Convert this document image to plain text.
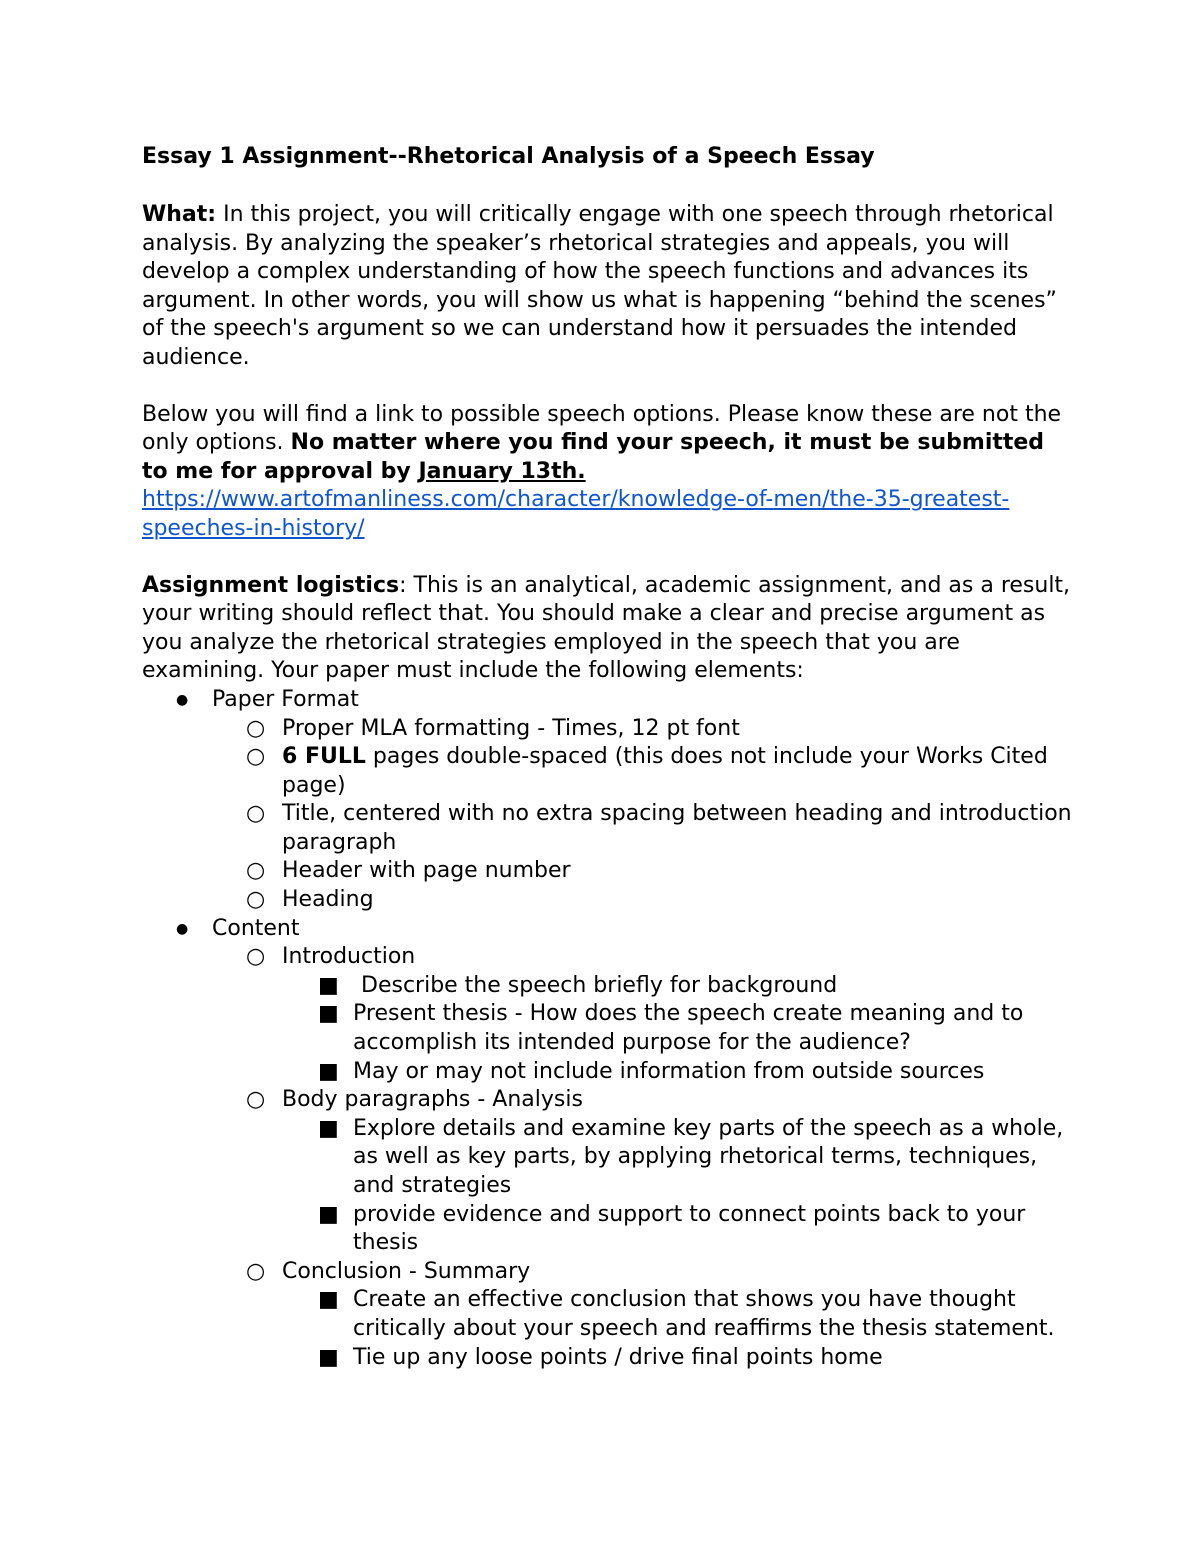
Essay 1 Assignment--Rhetorical Analysis of a Speech Essay

What: In this project, you will critically engage with one speech through rhetorical analysis. By analyzing the speaker’s rhetorical strategies and appeals, you will develop a complex understanding of how the speech functions and advances its argument. In other words, you will show us what is happening “behind the scenes” of the speech's argument so we can understand how it persuades the intended audience.

Below you will find a link to possible speech options. Please know these are not the only options. No matter where you find your speech, it must be submitted to me for approval by January 13th.
https://www.artofmanliness.com/character/knowledge-of-men/the-35-greatest-speeches-in-history/

Assignment logistics: This is an analytical, academic assignment, and as a result, your writing should reflect that. You should make a clear and precise argument as you analyze the rhetorical strategies employed in the speech that you are examining. Your paper must include the following elements:

● Paper Format
○ Proper MLA formatting - Times, 12 pt font
○ 6 FULL pages double-spaced (this does not include your Works Cited page)
○ Title, centered with no extra spacing between heading and introduction paragraph
○ Header with page number
○ Heading
● Content
○ Introduction
■ Describe the speech briefly for background
■ Present thesis - How does the speech create meaning and to accomplish its intended purpose for the audience?
■ May or may not include information from outside sources
○ Body paragraphs - Analysis
■ Explore details and examine key parts of the speech as a whole, as well as key parts, by applying rhetorical terms, techniques, and strategies
■ provide evidence and support to connect points back to your thesis
○ Conclusion - Summary
■ Create an effective conclusion that shows you have thought critically about your speech and reaffirms the thesis statement.
■ Tie up any loose points / drive final points home
